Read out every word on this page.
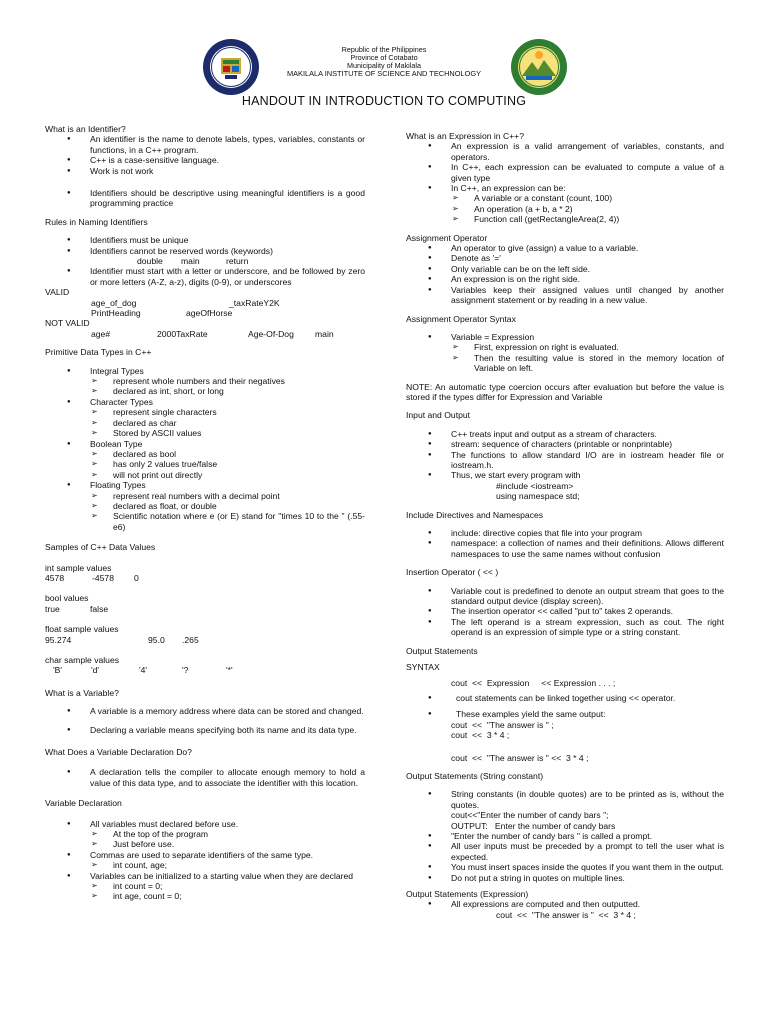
Republic of the Philippines
Province of Cotabato
Municipality of Makilala
MAKILALA INSTITUTE OF SCIENCE AND TECHNOLOGY
HANDOUT IN INTRODUCTION TO COMPUTING
What is an Identifier?
● An identifier is the name to denote labels, types, variables, constants or functions, in a C++ program.
● C++ is a case-sensitive language.
● Work is not work
● Identifiers should be descriptive using meaningful identifiers is a good programming practice
Rules in Naming Identifiers
● Identifiers must be unique
● Identifiers cannot be reserved words (keywords)
double main	return
● Identifier must start with a letter or underscore, and be followed by zero or more letters (A-Z, a-z), digits (0-9), or underscores
VALID
age_of_dog	_taxRateY2K
PrintHeading	ageOfHorse
NOT VALID
age#	2000TaxRate	Age-Of-Dog main
Primitive Data Types in C++
● Integral Types
➢ represent whole numbers and their negatives
➢ declared as int, short, or long
● Character Types
➢ represent single characters
➢ declared as char
➢ Stored by ASCII values
● Boolean Type
➢ declared as bool
➢ has only 2 values true/false
➢ will not print out directly
● Floating Types
➢ represent real numbers with a decimal point
➢ declared as float, or double
➢ Scientific notation where e (or E) stand for "times 10 to the " (.55-e6)
Samples of C++ Data Values
int sample values
4578	-4578 0
bool values
true	false
float sample values
95.274	95.0 .265
char sample values
'B'	'd'	'4'	'?	'*'
What is a Variable?
● A variable is a memory address where data can be stored and changed.
● Declaring a variable means specifying both its name and its data type.
What Does a Variable Declaration Do?
● A declaration tells the compiler to allocate enough memory to hold a value of this data type, and to associate the identifier with this location.
Variable Declaration
● All variables must declared before use.
➢ At the top of the program
➢ Just before use.
● Commas are used to separate identifiers of the same type.
➢ int count, age;
● Variables can be initialized to a starting value when they are declared
➢ int count = 0;
➢ int age, count = 0;
What is an Expression in C++?
● An expression is a valid arrangement of variables, constants, and operators.
● In C++, each expression can be evaluated to compute a value of a given type
● In C++, an expression can be:
➢ A variable or a constant (count, 100)
➢ An operation (a + b, a * 2)
➢ Function call (getRectangleArea(2, 4))
Assignment Operator
● An operator to give (assign) a value to a variable.
● Denote as '='
● Only variable can be on the left side.
● An expression is on the right side.
● Variables keep their assigned values until changed by another assignment statement or by reading in a new value.
Assignment Operator Syntax
● Variable = Expression
➢ First, expression on right is evaluated.
➢ Then the resulting value is stored in the memory location of Variable on left.
NOTE: An automatic type coercion occurs after evaluation but before the value is stored if the types differ for Expression and Variable
Input and Output
● C++ treats input and output as a stream of characters.
● stream: sequence of characters (printable or nonprintable)
● The functions to allow standard I/O are in iostream header file or iostream.h.
● Thus, we start every program with
#include <iostream>
using namespace std;
Include Directives and Namespaces
● include: directive copies that file into your program
● namespace: a collection of names and their definitions. Allows different namespaces to use the same names without confusion
Insertion Operator ( << )
● Variable cout is predefined to denote an output stream that goes to the standard output device (display screen).
● The insertion operator << called "put to" takes 2 operands.
● The left operand is a stream expression, such as cout. The right operand is an expression of simple type or a string constant.
Output Statements
SYNTAX
cout  <<  Expression     << Expression . . . ;
● cout statements can be linked together using << operator.
● These examples yield the same output:
cout  <<  "The answer is " ;
cout  <<  3 * 4 ;
cout  <<  "The answer is " <<  3 * 4 ;
Output Statements (String constant)
● String constants (in double quotes) are to be printed as is, without the quotes.
cout<<"Enter the number of candy bars ";
OUTPUT:   Enter the number of candy bars
● "Enter the number of candy bars " is called a prompt.
● All user inputs must be preceded by a prompt to tell the user what is expected.
● You must insert spaces inside the quotes if you want them in the output.
● Do not put a string in quotes on multiple lines.
Output Statements (Expression)
● All expressions are computed and then outputted.
cout  <<  "The answer is "  <<  3 * 4 ;
